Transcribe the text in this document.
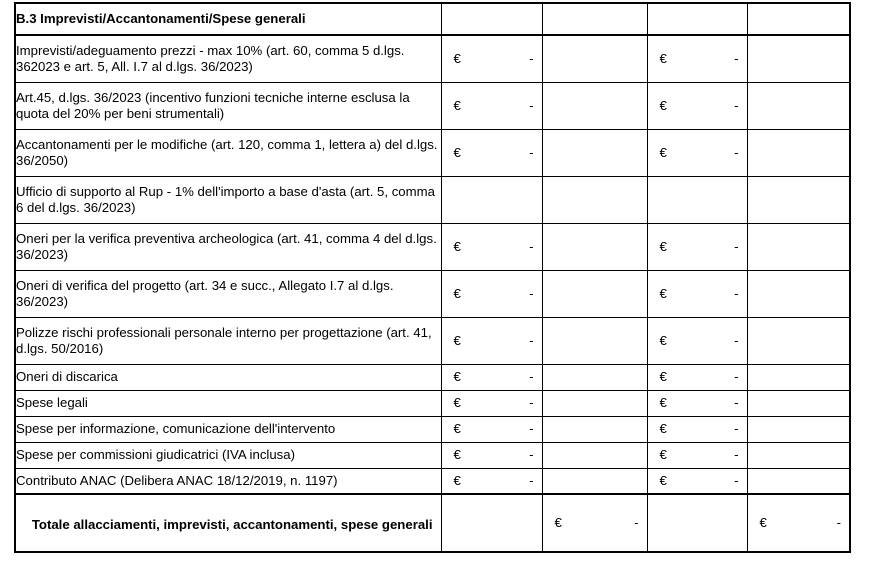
B.3 Imprevisti/Accantonamenti/Spese generali				

Imprevisti/adeguamento prezzi - max 10% (art. 60, comma 5 d.lgs. 362023 e art. 5, All. I.7 al d.lgs. 36/2023)	€ -		€ -	

Art.45, d.lgs. 36/2023 (incentivo funzioni tecniche interne esclusa la quota del 20% per beni strumentali)	€ -		€ -	

Accantonamenti per le modifiche (art. 120, comma 1, lettera a) del d.lgs. 36/2050)	€ -		€ -	

Ufficio di supporto al Rup - 1% dell'importo a base d'asta (art. 5, comma 6 del d.lgs. 36/2023)				

Oneri per la verifica preventiva archeologica (art. 41, comma 4 del d.lgs. 36/2023)	€ -		€ -	

Oneri di verifica del progetto (art. 34 e succ., Allegato I.7 al d.lgs. 36/2023)	€ -		€ -	

Polizze rischi professionali personale interno per progettazione (art. 41, d.lgs. 50/2016)	€ -		€ -	

Oneri di discarica	€ -		€ -	

Spese legali	€ -		€ -	

Spese per informazione, comunicazione dell'intervento	€ -		€ -	

Spese per commissioni giudicatrici (IVA inclusa)	€ -		€ -	

Contributo ANAC (Delibera ANAC 18/12/2019, n. 1197)	€ -		€ -	

Totale allacciamenti, imprevisti, accantonamenti, spese generali		€ -		€ -
